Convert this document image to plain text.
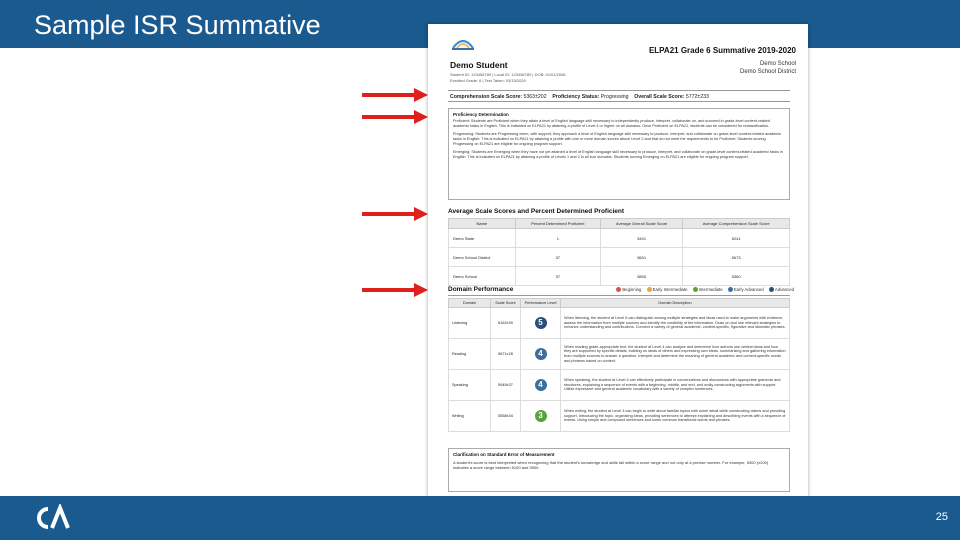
Sample ISR Summative
ELPA21 Grade 6 Summative 2019-2020
Demo Student	Demo School
Demo School District
Student ID: 123456789 | Local ID: 123456789 | DOB: 01/01/2008
Enrolled Grade: 6 | Test Taken: 03/15/2020
Comprehension Scale Score: 5363±202 Proficiency Status: Progressing Overall Scale Score: 5772±233
Proficiency Determination

Proficient: Students are Proficient when they attain a level of English language skill necessary to independently produce, interpret, collaborate on, and succeed in grade-level content-related academic tasks in English. This is indicated on ELPA21 by attaining a profile of Level 4 or higher on all domains. Once Proficient on ELPA21, students can be considered for reclassification.

Progressing: Students are Progressing when, with support, they approach a level of English language skill necessary to produce, interpret, and collaborate on grade-level content-related academic tasks in English. This is indicated on ELPA21 by attaining a profile with one or more domain scores above Level 2 and that do not meet the requirements to be Proficient. Students scoring Progressing on ELPA21 are eligible for ongoing program support.

Emerging: Students are Emerging when they have not yet attained a level of English language skill necessary to produce, interpret, and collaborate on grade-level content-related academic tasks in English. This is indicated on ELPA21 by attaining a profile of Levels 1 and 2 in all four domains. Students scoring Emerging on ELPA21 are eligible for ongoing program support.

Average Scale Scores and Percent Determined Proficient
Name	Percent Determined Proficient	Average Overall Scale Score	Average Comprehension Scale Score
Demo State	1	5401	5241
Demo School District	37	5601	5673
Demo School	37	5800	5360
Domain Performance	Beginning	Early Intermediate	Intermediate	Early Advanced	Advanced
Domain	Scale Score	Performance Level	Domain Description
Listening	6162±39	5	When listening, the student at Level 5 can distinguish among multiple strategies and ideas used to make arguments with evidence, assess the information from multiple sources and identify the credibility of the information. Draw on and use relevant strategies to enhance understanding and contributions. Connect a variety of general academic, content-specific, figurative and idiomatic phrases.
Reading	5671±28	4	When reading grade-appropriate text, the student at Level 4 can analyze and determine how authors use central ideas and how they are supported by specific details, building on ideas of others and expressing own ideas, summarizing and gathering information from multiple sources to answer a question. Interpret and determine the meaning of general academic and content-specific words and phrases based on context.
Speaking	5945±37	4	When speaking, the student at Level 4 can effectively participate in conversations and discussions with appropriate grammar and structures, explaining a sequence of events with a beginning, middle, and end, and orally constructing arguments with support. Utilize expressive and general academic vocabulary with a variety of complex sentences.
Writing	5558±34	3	When writing, the student at Level 3 can begin to write about familiar topics with some detail while constructing claims and providing support. Introducing the topic, organizing ideas, providing sentences to attempt explaining and describing events with a sequence of events. Using simple and compound sentences and some common transitional words and phrases.
Clarification on Standard Error of Measurement
A student's score is best interpreted when recognizing that the student's knowledge and skills fall within a score range and not only at a precise number. For example, 5300 (±200) indicates a score range between 5100 and 5500.
25
